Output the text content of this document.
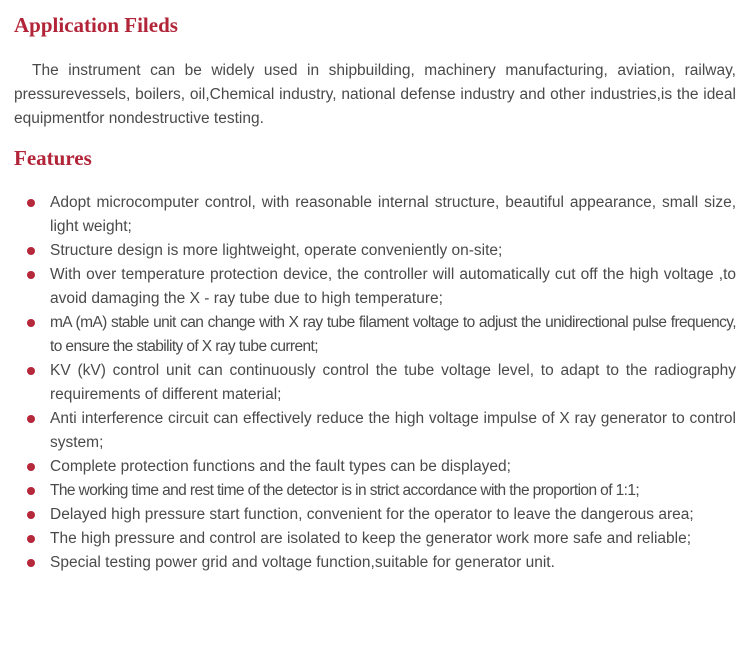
Application Fileds

The instrument can be widely used in shipbuilding, machinery manufacturing, aviation, railway, pressurevessels, boilers, oil,Chemical industry, national defense industry and other industries,is the ideal equipmentfor nondestructive testing.

Features
Adopt microcomputer control, with reasonable internal structure, beautiful appearance, small size, light weight;
Structure design is more lightweight, operate conveniently on-site;
With over temperature protection device, the controller will automatically cut off the high voltage ,to avoid damaging the X - ray tube due to high temperature;
mA (mA) stable unit can change with X ray tube filament voltage to adjust the unidirectional pulse frequency, to ensure the stability of X ray tube current;
KV (kV) control unit can continuously control the tube voltage level, to adapt to the radiography requirements of different material;
Anti interference circuit can effectively reduce the high voltage impulse of X ray generator to control system;
Complete protection functions and the fault types can be displayed;
The working time and rest time of the detector is in strict accordance with the proportion of 1:1;
Delayed high pressure start function, convenient for the operator to leave the dangerous area;
The high pressure and control are isolated to keep the generator work more safe and reliable;
Special testing power grid and voltage function,suitable for generator unit.
